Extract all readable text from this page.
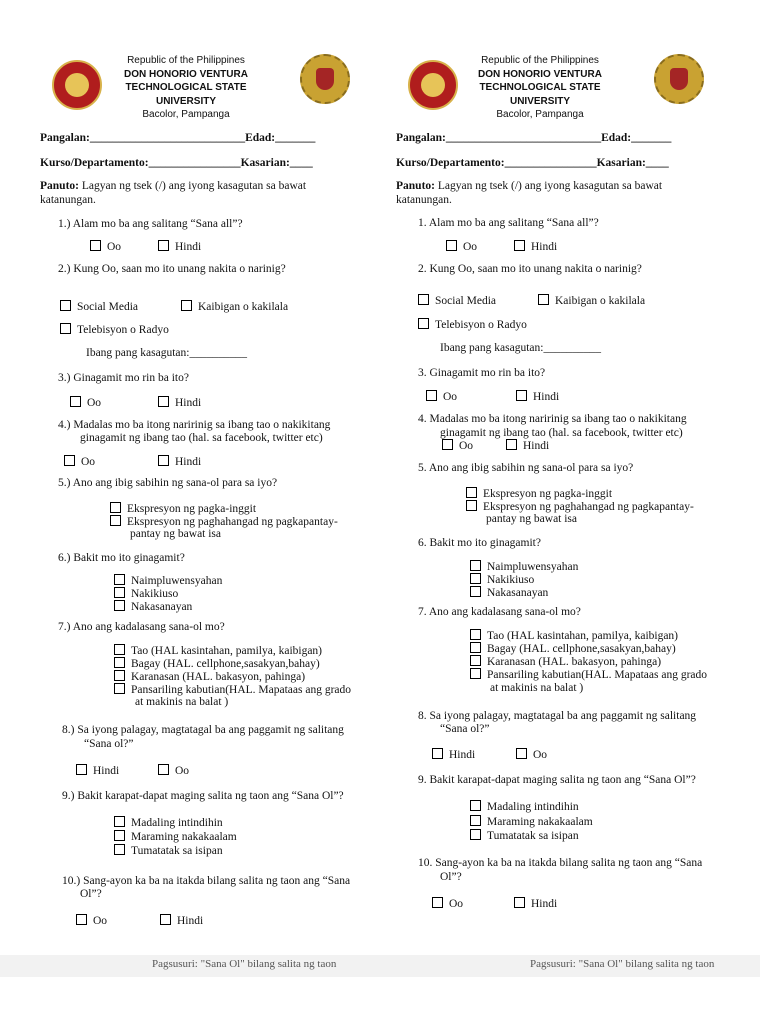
Republic of the Philippines
DON HONORIO VENTURA
TECHNOLOGICAL STATE
UNIVERSITY
Bacolor, Pampanga
Pangalan:___________________________Edad:_______
Kurso/Departamento:________________Kasarian:____
Panuto: Lagyan ng tsek (/) ang iyong kasagutan sa bawat
katanungan.
1.) Alam mo ba ang salitang “Sana all”?
Oo	Hindi
2.) Kung Oo, saan mo ito unang nakita o narinig?
Social Media	Kaibigan o kakilala
Telebisyon o Radyo
Ibang pang kasagutan:__________
3.) Ginagamit mo rin ba ito?
Oo	Hindi
4.) Madalas mo ba itong naririnig sa ibang tao o nakikitang
ginagamit ng ibang tao (hal. sa facebook, twitter etc)
Oo	Hindi
5.) Ano ang ibig sabihin ng sana-ol para sa iyo?
Ekspresyon ng pagka-inggit
Ekspresyon ng paghahangad ng pagkapantay-
pantay ng bawat isa
6.) Bakit mo ito ginagamit?
Naimpluwensyahan
Nakikiuso
Nakasanayan
7.) Ano ang kadalasang sana-ol mo?
Tao (HAL kasintahan, pamilya, kaibigan)
Bagay (HAL. cellphone,sasakyan,bahay)
Karanasan (HAL. bakasyon, pahinga)
Pansariling kabutian(HAL. Mapataas ang grado
at makinis na balat )
8.) Sa iyong palagay, magtatagal ba ang paggamit ng salitang
“Sana ol?”
Hindi	Oo
9.) Bakit karapat-dapat maging salita ng taon ang “Sana Ol”?
Madaling intindihin
Maraming nakakaalam
Tumatatak sa isipan
10.) Sang-ayon ka ba na itakda bilang salita ng taon ang “Sana
Ol”?
Oo	Hindi
Republic of the Philippines
DON HONORIO VENTURA
TECHNOLOGICAL STATE
UNIVERSITY
Bacolor, Pampanga
Pangalan:___________________________Edad:_______
Kurso/Departamento:________________Kasarian:____
Panuto: Lagyan ng tsek (/) ang iyong kasagutan sa bawat
katanungan.
1. Alam mo ba ang salitang “Sana all”?
Oo	Hindi
2. Kung Oo, saan mo ito unang nakita o narinig?
Social Media	Kaibigan o kakilala
Telebisyon o Radyo
Ibang pang kasagutan:__________
3. Ginagamit mo rin ba ito?
Oo	Hindi
4. Madalas mo ba itong naririnig sa ibang tao o nakikitang
ginagamit ng ibang tao (hal. sa facebook, twitter etc)
Oo	Hindi
5. Ano ang ibig sabihin ng sana-ol para sa iyo?
Ekspresyon ng pagka-inggit
Ekspresyon ng paghahangad ng pagkapantay-
pantay ng bawat isa
6. Bakit mo ito ginagamit?
Naimpluwensyahan
Nakikiuso
Nakasanayan
7. Ano ang kadalasang sana-ol mo?
Tao (HAL kasintahan, pamilya, kaibigan)
Bagay (HAL. cellphone,sasakyan,bahay)
Karanasan (HAL. bakasyon, pahinga)
Pansariling kabutian(HAL. Mapataas ang grado
at makinis na balat )
8. Sa iyong palagay, magtatagal ba ang paggamit ng salitang
“Sana ol?”
Hindi	Oo
9. Bakit karapat-dapat maging salita ng taon ang “Sana Ol”?
Madaling intindihin
Maraming nakakaalam
Tumatatak sa isipan
10. Sang-ayon ka ba na itakda bilang salita ng taon ang “Sana
Ol”?
Oo	Hindi
Pagsusuri: "Sana Ol" bilang salita ng taon	Pagsusuri: "Sana Ol" bilang salita ng taon
